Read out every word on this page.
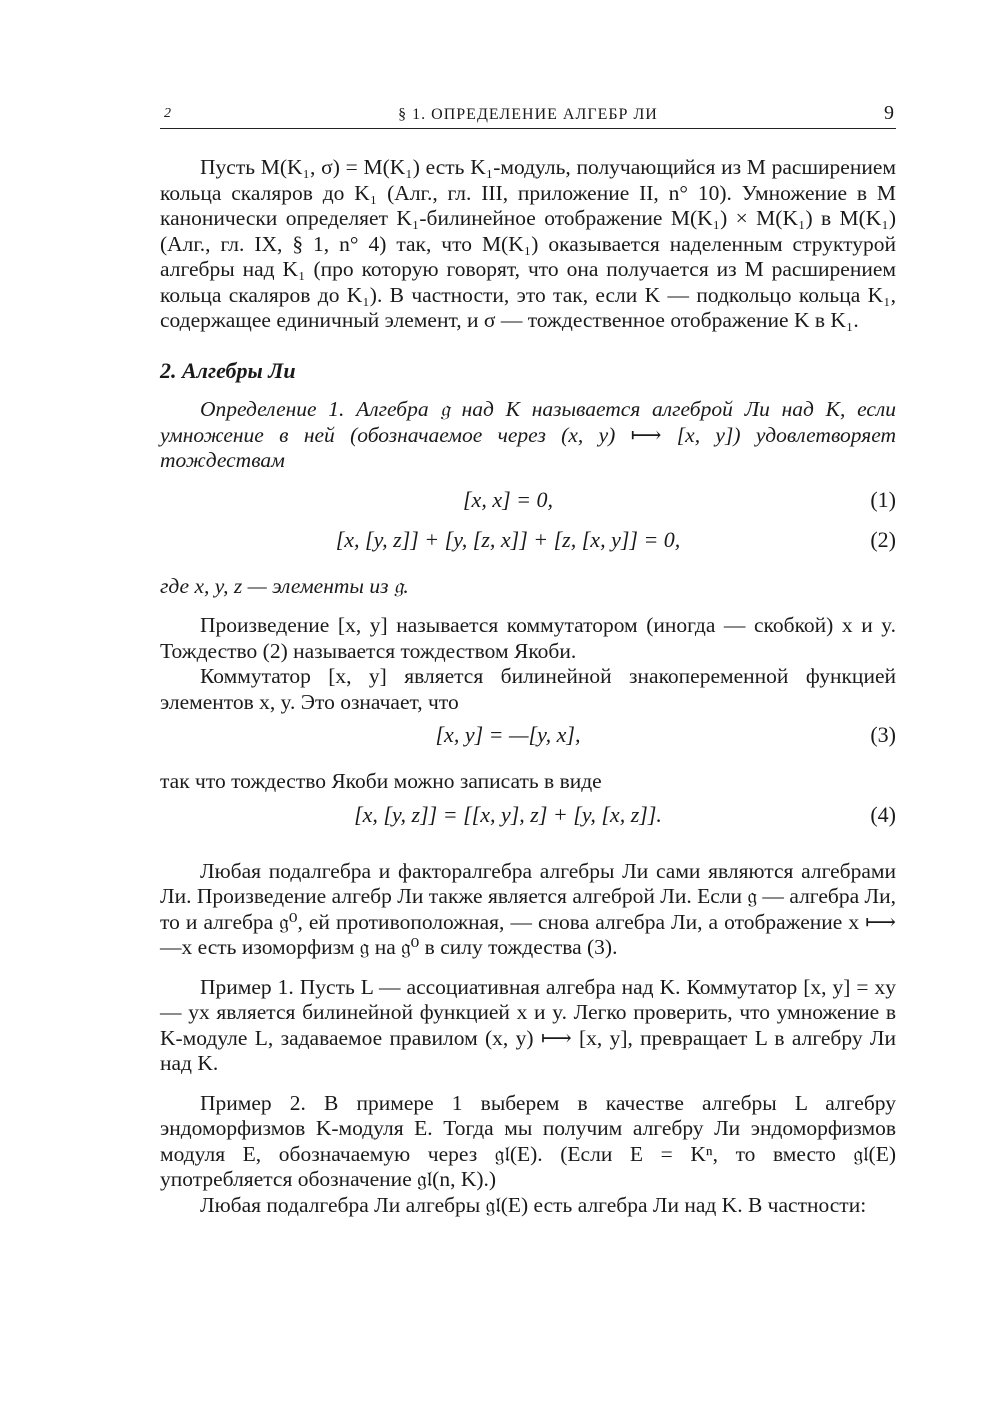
2	§ 1. ОПРЕДЕЛЕНИЕ АЛГЕБР ЛИ	9

Пусть M(K₁, σ) = M(K₁) есть K₁-модуль, получающийся из M расширением кольца скаляров до K₁ (Алг., гл. III, приложение II, n° 10). Умножение в M канонически определяет K₁-билинейное отображение M(K₁) × M(K₁) в M(K₁) (Алг., гл. IX, § 1, n° 4) так, что M(K₁) оказывается наделенным структурой алгебры над K₁ (про которую говорят, что она получается из M расширением кольца скаляров до K₁). В частности, это так, если K — подкольцо кольца K₁, содержащее единичный элемент, и σ — тождественное отображение K в K₁.

2. Алгебры Ли

Определение 1. Алгебра 𝔤 над K называется алгеброй Ли над K, если умножение в ней (обозначаемое через (x, y) ⟼ [x, y]) удовлетворяет тождествам

[x, x] = 0,	(1)
[x, [y, z]] + [y, [z, x]] + [z, [x, y]] = 0,	(2)

где x, y, z — элементы из 𝔤.

Произведение [x, y] называется коммутатором (иногда — скобкой) x и y. Тождество (2) называется тождеством Якоби.

Коммутатор [x, y] является билинейной знакопеременной функцией элементов x, y. Это означает, что

[x, y] = —[y, x],	(3)

так что тождество Якоби можно записать в виде

[x, [y, z]] = [[x, y], z] + [y, [x, z]].	(4)

Любая подалгебра и факторалгебра алгебры Ли сами являются алгебрами Ли. Произведение алгебр Ли также является алгеброй Ли. Если 𝔤 — алгебра Ли, то и алгебра 𝔤⁰, ей противоположная, — снова алгебра Ли, а отображение x ⟼ —x есть изоморфизм 𝔤 на 𝔤⁰ в силу тождества (3).

Пример 1. Пусть L — ассоциативная алгебра над K. Коммутатор [x, y] = xy — yx является билинейной функцией x и y. Легко проверить, что умножение в K-модуле L, задаваемое правилом (x, y) ⟼ [x, y], превращает L в алгебру Ли над K.

Пример 2. В примере 1 выберем в качестве алгебры L алгебру эндоморфизмов K-модуля E. Тогда мы получим алгебру Ли эндоморфизмов модуля E, обозначаемую через 𝔤𝔩(E). (Если E = Kⁿ, то вместо 𝔤𝔩(E) употребляется обозначение 𝔤𝔩(n, K).)

Любая подалгебра Ли алгебры 𝔤𝔩(E) есть алгебра Ли над K. В частности:
